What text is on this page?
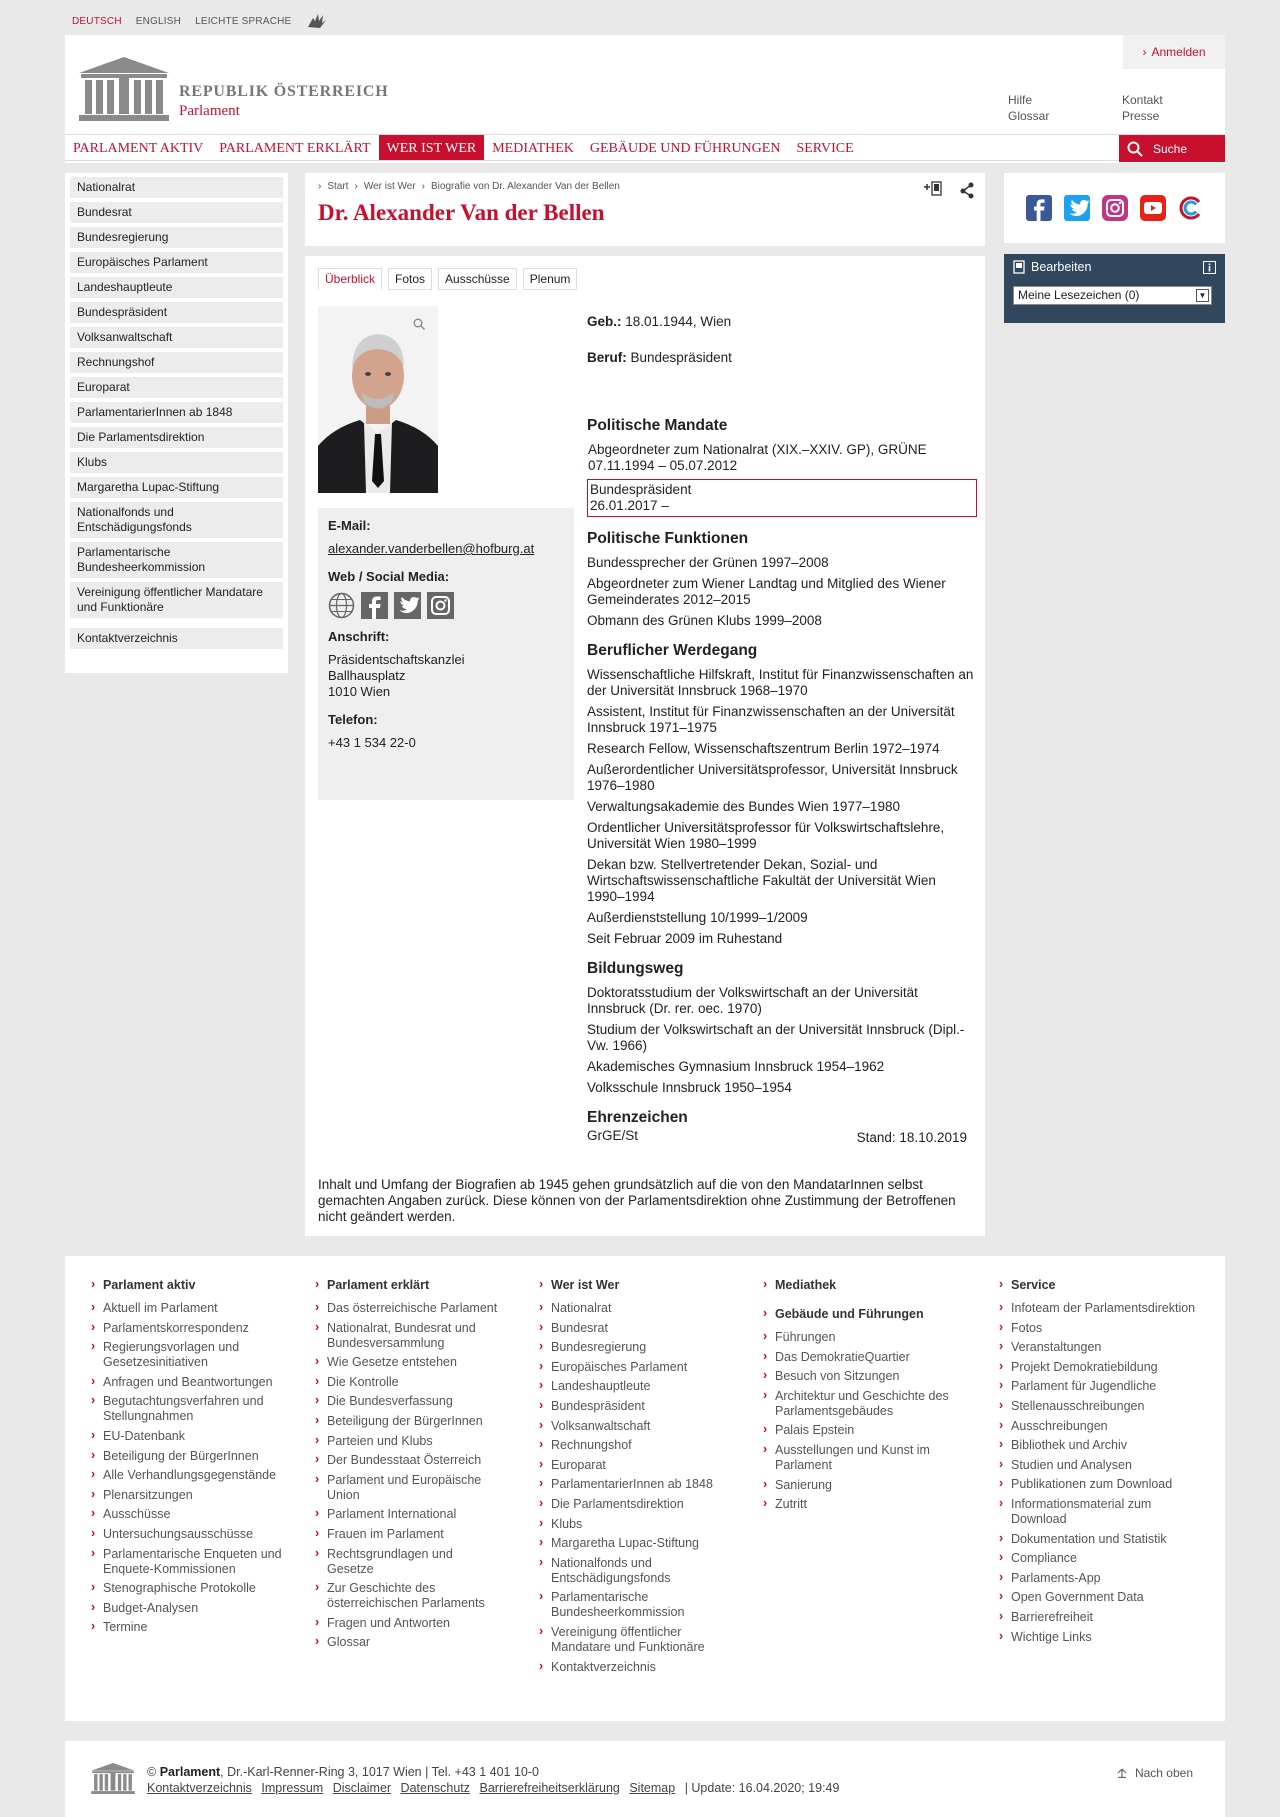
DEUTSCH ENGLISH LEICHTE SPRACHE
REPUBLIK ÖSTERREICH
Parlament
› Anmelden
Hilfe
Glossar
Kontakt
Presse
PARLAMENT AKTIV	PARLAMENT ERKLÄRT	WER IST WER	MEDIATHEK	GEBÄUDE UND FÜHRUNGEN	SERVICE	Suche
Nationalrat
Bundesrat
Bundesregierung
Europäisches Parlament
Landeshauptleute
Bundespräsident
Volksanwaltschaft
Rechnungshof
Europarat
ParlamentarierInnen ab 1848
Die Parlamentsdirektion
Klubs
Margaretha Lupac-Stiftung
Nationalfonds und Entschädigungsfonds
Parlamentarische Bundesheerkommission
Vereinigung öffentlicher Mandatare und Funktionäre
Kontaktverzeichnis
› Start › Wer ist Wer › Biografie von Dr. Alexander Van der Bellen
Dr. Alexander Van der Bellen
Überblick	Fotos	Ausschüsse	Plenum
E-Mail:
alexander.vanderbellen@hofburg.at
Web / Social Media:
Anschrift:
Präsidentschaftskanzlei
Ballhausplatz
1010 Wien
Telefon:
+43 1 534 22-0
Geb.: 18.01.1944, Wien
Beruf: Bundespräsident
Politische Mandate
Abgeordneter zum Nationalrat (XIX.–XXIV. GP), GRÜNE
07.11.1994 – 05.07.2012
Bundespräsident
26.01.2017 –
Politische Funktionen
Bundessprecher der Grünen 1997–2008
Abgeordneter zum Wiener Landtag und Mitglied des Wiener Gemeinderates 2012–2015
Obmann des Grünen Klubs 1999–2008
Beruflicher Werdegang
Wissenschaftliche Hilfskraft, Institut für Finanzwissenschaften an der Universität Innsbruck 1968–1970
Assistent, Institut für Finanzwissenschaften an der Universität Innsbruck 1971–1975
Research Fellow, Wissenschaftszentrum Berlin 1972–1974
Außerordentlicher Universitätsprofessor, Universität Innsbruck 1976–1980
Verwaltungsakademie des Bundes Wien 1977–1980
Ordentlicher Universitätsprofessor für Volkswirtschaftslehre, Universität Wien 1980–1999
Dekan bzw. Stellvertretender Dekan, Sozial- und Wirtschaftswissenschaftliche Fakultät der Universität Wien 1990–1994
Außerdienststellung 10/1999–1/2009
Seit Februar 2009 im Ruhestand
Bildungsweg
Doktoratsstudium der Volkswirtschaft an der Universität Innsbruck (Dr. rer. oec. 1970)
Studium der Volkswirtschaft an der Universität Innsbruck (Dipl.-Vw. 1966)
Akademisches Gymnasium Innsbruck 1954–1962
Volksschule Innsbruck 1950–1954
Ehrenzeichen
GrGE/St	Stand: 18.10.2019
Inhalt und Umfang der Biografien ab 1945 gehen grundsätzlich auf die von den MandatarInnen selbst gemachten Angaben zurück. Diese können von der Parlamentsdirektion ohne Zustimmung der Betroffenen nicht geändert werden.
Bearbeiten
Meine Lesezeichen (0)	▼
› Parlament aktiv
› Aktuell im Parlament
› Parlamentskorrespondenz
› Regierungsvorlagen und Gesetzesinitiativen
› Anfragen und Beantwortungen
› Begutachtungsverfahren und Stellungnahmen
› EU-Datenbank
› Beteiligung der BürgerInnen
› Alle Verhandlungsgegenstände
› Plenarsitzungen
› Ausschüsse
› Untersuchungsausschüsse
› Parlamentarische Enqueten und Enquete-Kommissionen
› Stenographische Protokolle
› Budget-Analysen
› Termine
› Parlament erklärt
› Das österreichische Parlament
› Nationalrat, Bundesrat und Bundesversammlung
› Wie Gesetze entstehen
› Die Kontrolle
› Die Bundesverfassung
› Beteiligung der BürgerInnen
› Parteien und Klubs
› Der Bundesstaat Österreich
› Parlament und Europäische Union
› Parlament International
› Frauen im Parlament
› Rechtsgrundlagen und Gesetze
› Zur Geschichte des österreichischen Parlaments
› Fragen und Antworten
› Glossar
› Wer ist Wer
› Nationalrat
› Bundesrat
› Bundesregierung
› Europäisches Parlament
› Landeshauptleute
› Bundespräsident
› Volksanwaltschaft
› Rechnungshof
› Europarat
› ParlamentarierInnen ab 1848
› Die Parlamentsdirektion
› Klubs
› Margaretha Lupac-Stiftung
› Nationalfonds und Entschädigungsfonds
› Parlamentarische Bundesheerkommission
› Vereinigung öffentlicher Mandatare und Funktionäre
› Kontaktverzeichnis
› Mediathek
› Gebäude und Führungen
› Führungen
› Das DemokratieQuartier
› Besuch von Sitzungen
› Architektur und Geschichte des Parlamentsgebäudes
› Palais Epstein
› Ausstellungen und Kunst im Parlament
› Sanierung
› Zutritt
› Service
› Infoteam der Parlamentsdirektion
› Fotos
› Veranstaltungen
› Projekt Demokratiebildung
› Parlament für Jugendliche
› Stellenausschreibungen
› Ausschreibungen
› Bibliothek und Archiv
› Studien und Analysen
› Publikationen zum Download
› Informationsmaterial zum Download
› Dokumentation und Statistik
› Compliance
› Parlaments-App
› Open Government Data
› Barrierefreiheit
› Wichtige Links
© Parlament, Dr.-Karl-Renner-Ring 3, 1017 Wien | Tel. +43 1 401 10-0
Kontaktverzeichnis Impressum Disclaimer Datenschutz Barrierefreiheitserklärung Sitemap | Update: 16.04.2020; 19:49
Nach oben
